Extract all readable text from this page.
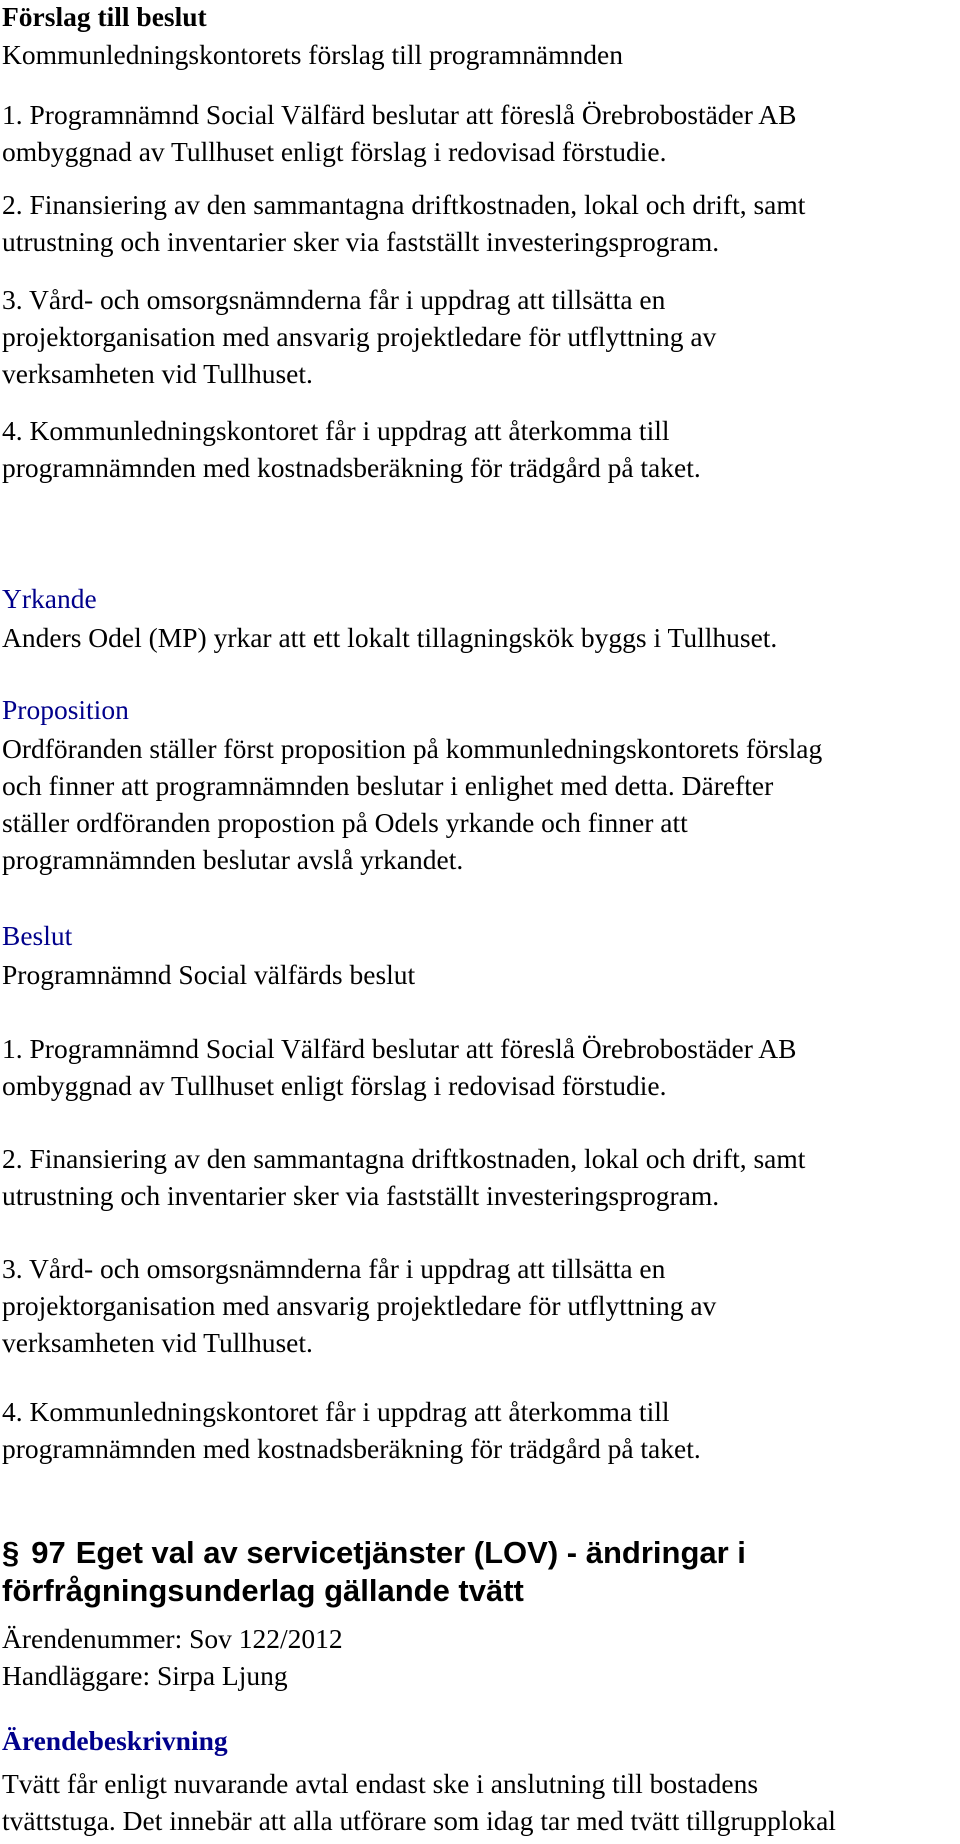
Förslag till beslut

Kommunledningskontorets förslag till programnämnden

1. Programnämnd Social Välfärd beslutar att föreslå Örebrobostäder AB
ombyggnad av Tullhuset enligt förslag i redovisad förstudie.

2. Finansiering av den sammantagna driftkostnaden, lokal och drift, samt
utrustning och inventarier sker via fastställt investeringsprogram.

3. Vård- och omsorgsnämnderna får i uppdrag att tillsätta en
projektorganisation med ansvarig projektledare för utflyttning av
verksamheten vid Tullhuset.

4. Kommunledningskontoret får i uppdrag att återkomma till
programnämnden med kostnadsberäkning för trädgård på taket.

Yrkande

Anders Odel (MP) yrkar att ett lokalt tillagningskök byggs i Tullhuset.

Proposition

Ordföranden ställer först proposition på kommunledningskontorets förslag
och finner att programnämnden beslutar i enlighet med detta. Därefter
ställer ordföranden propostion på Odels yrkande och finner att
programnämnden beslutar avslå yrkandet.

Beslut

Programnämnd Social välfärds beslut

1. Programnämnd Social Välfärd beslutar att föreslå Örebrobostäder AB
ombyggnad av Tullhuset enligt förslag i redovisad förstudie.

2. Finansiering av den sammantagna driftkostnaden, lokal och drift, samt
utrustning och inventarier sker via fastställt investeringsprogram.

3. Vård- och omsorgsnämnderna får i uppdrag att tillsätta en
projektorganisation med ansvarig projektledare för utflyttning av
verksamheten vid Tullhuset.

4. Kommunledningskontoret får i uppdrag att återkomma till
programnämnden med kostnadsberäkning för trädgård på taket.

§ 97 Eget val av servicetjänster (LOV) - ändringar i

förfrågningsunderlag gällande tvätt

Ärendenummer: Sov 122/2012

Handläggare: Sirpa Ljung

Ärendebeskrivning

Tvätt får enligt nuvarande avtal endast ske i anslutning till bostadens
tvättstuga. Det innebär att alla utförare som idag tar med tvätt tillgrupplokal
